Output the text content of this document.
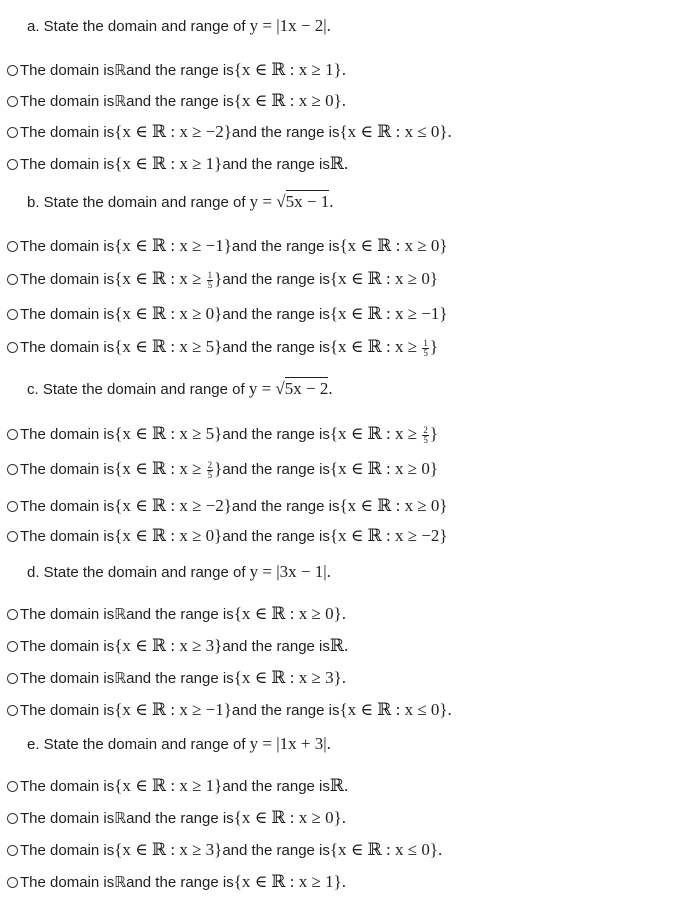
a. State the domain and range of y = |1x − 2|.
The domain is ℝ and the range is {x ∈ ℝ : x ≥ 1}.
The domain is ℝ and the range is {x ∈ ℝ : x ≥ 0}.
The domain is {x ∈ ℝ : x ≥ −2} and the range is {x ∈ ℝ : x ≤ 0}.
The domain is {x ∈ ℝ : x ≥ 1} and the range is ℝ.
b. State the domain and range of y = √5x − 1.
The domain is {x ∈ ℝ : x ≥ −1} and the range is {x ∈ ℝ : x ≥ 0}
The domain is {x ∈ ℝ : $x \ge \frac{1}{5}$ } and the range is {x ∈ ℝ : x ≥ 0}
The domain is {x ∈ ℝ : x ≥ 0} and the range is {x ∈ ℝ : x ≥ −1}
The domain is {x ∈ ℝ : x ≥ 5} and the range is {x ∈ ℝ : $x \ge \frac{1}{5}$ }
c. State the domain and range of y = √5x − 2.
The domain is {x ∈ ℝ : x ≥ 5} and the range is {x ∈ ℝ : $x \ge \frac{2}{5}$ }
The domain is {x ∈ ℝ : $x \ge \frac{2}{5}$ } and the range is {x ∈ ℝ : x ≥ 0}
The domain is {x ∈ ℝ : x ≥ −2} and the range is {x ∈ ℝ : x ≥ 0}
The domain is {x ∈ ℝ : x ≥ 0} and the range is {x ∈ ℝ : x ≥ −2}
d. State the domain and range of y = |3x − 1|.
The domain is ℝ and the range is {x ∈ ℝ : x ≥ 0}.
The domain is {x ∈ ℝ : x ≥ 3} and the range is ℝ.
The domain is ℝ and the range is {x ∈ ℝ : x ≥ 3}.
The domain is {x ∈ ℝ : x ≥ −1} and the range is {x ∈ ℝ : x ≤ 0}.
e. State the domain and range of y = |1x + 3|.
The domain is {x ∈ ℝ : x ≥ 1} and the range is ℝ.
The domain is ℝ and the range is {x ∈ ℝ : x ≥ 0}.
The domain is {x ∈ ℝ : x ≥ 3} and the range is {x ∈ ℝ : x ≤ 0}.
The domain is ℝ and the range is {x ∈ ℝ : x ≥ 1}.
